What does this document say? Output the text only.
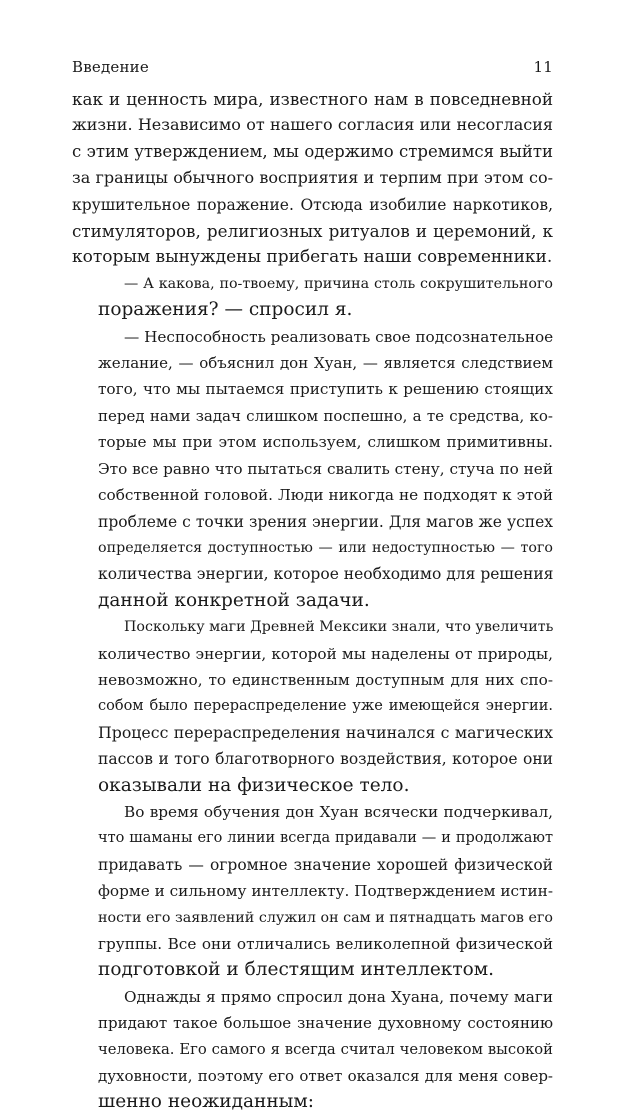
Введение	11

как и ценность мира, известного нам в повседневной
жизни. Независимо от нашего согласия или несогласия
с этим утверждением, мы одержимо стремимся выйти
за границы обычного восприятия и терпим при этом со-
крушительное поражение. Отсюда изобилие наркотиков,
стимуляторов, религиозных ритуалов и церемоний, к
которым вынуждены прибегать наши современники.

— А какова, по-твоему, причина столь сокрушительного
поражения? — спросил я.

— Неспособность реализовать свое подсознательное
желание, — объяснил дон Хуан, — является следствием
того, что мы пытаемся приступить к решению стоящих
перед нами задач слишком поспешно, а те средства, ко-
торые мы при этом используем, слишком примитивны.
Это все равно что пытаться свалить стену, стуча по ней
собственной головой. Люди никогда не подходят к этой
проблеме с точки зрения энергии. Для магов же успех
определяется доступностью — или недоступностью — того
количества энергии, которое необходимо для решения
данной конкретной задачи.

Поскольку маги Древней Мексики знали, что увеличить
количество энергии, которой мы наделены от природы,
невозможно, то единственным доступным для них спо-
собом было перераспределение уже имеющейся энергии.
Процесс перераспределения начинался с магических
пассов и того благотворного воздействия, которое они
оказывали на физическое тело.

Во время обучения дон Хуан всячески подчеркивал,
что шаманы его линии всегда придавали — и продолжают
придавать — огромное значение хорошей физической
форме и сильному интеллекту. Подтверждением истин-
ности его заявлений служил он сам и пятнадцать магов его
группы. Все они отличались великолепной физической
подготовкой и блестящим интеллектом.

Однажды я прямо спросил дона Хуана, почему маги
придают такое большое значение духовному состоянию
человека. Его самого я всегда считал человеком высокой
духовности, поэтому его ответ оказался для меня совер-
шенно неожиданным:
